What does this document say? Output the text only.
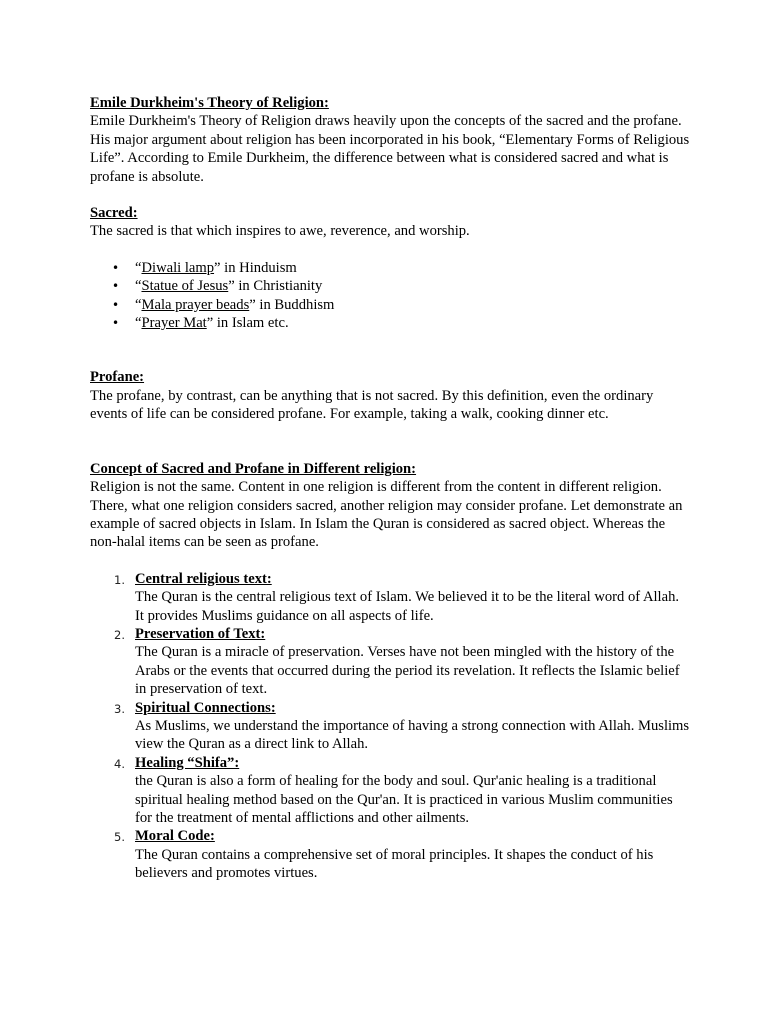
Emile Durkheim's Theory of Religion:

Emile Durkheim's Theory of Religion draws heavily upon the concepts of the sacred and the profane. His major argument about religion has been incorporated in his book, “Elementary Forms of Religious Life”. According to Emile Durkheim, the difference between what is considered sacred and what is profane is absolute.

Sacred:

The sacred is that which inspires to awe, reverence, and worship.

• “Diwali lamp” in Hinduism
• “Statue of Jesus” in Christianity
• “Mala prayer beads” in Buddhism
• “Prayer Mat” in Islam etc.

Profane:

The profane, by contrast, can be anything that is not sacred. By this definition, even the ordinary events of life can be considered profane. For example, taking a walk, cooking dinner etc.

Concept of Sacred and Profane in Different religion:

Religion is not the same. Content in one religion is different from the content in different religion. There, what one religion considers sacred, another religion may consider profane. Let demonstrate an example of sacred objects in Islam. In Islam the Quran is considered as sacred object. Whereas the non-halal items can be seen as profane.

1. Central religious text:
The Quran is the central religious text of Islam. We believed it to be the literal word of Allah. It provides Muslims guidance on all aspects of life.
2. Preservation of Text:
The Quran is a miracle of preservation. Verses have not been mingled with the history of the Arabs or the events that occurred during the period its revelation. It reflects the Islamic belief in preservation of text.
3. Spiritual Connections:
As Muslims, we understand the importance of having a strong connection with Allah. Muslims view the Quran as a direct link to Allah.
4. Healing “Shifa”:
the Quran is also a form of healing for the body and soul. Qur'anic healing is a traditional spiritual healing method based on the Qur'an. It is practiced in various Muslim communities for the treatment of mental afflictions and other ailments.
5. Moral Code:
The Quran contains a comprehensive set of moral principles. It shapes the conduct of his believers and promotes virtues.
